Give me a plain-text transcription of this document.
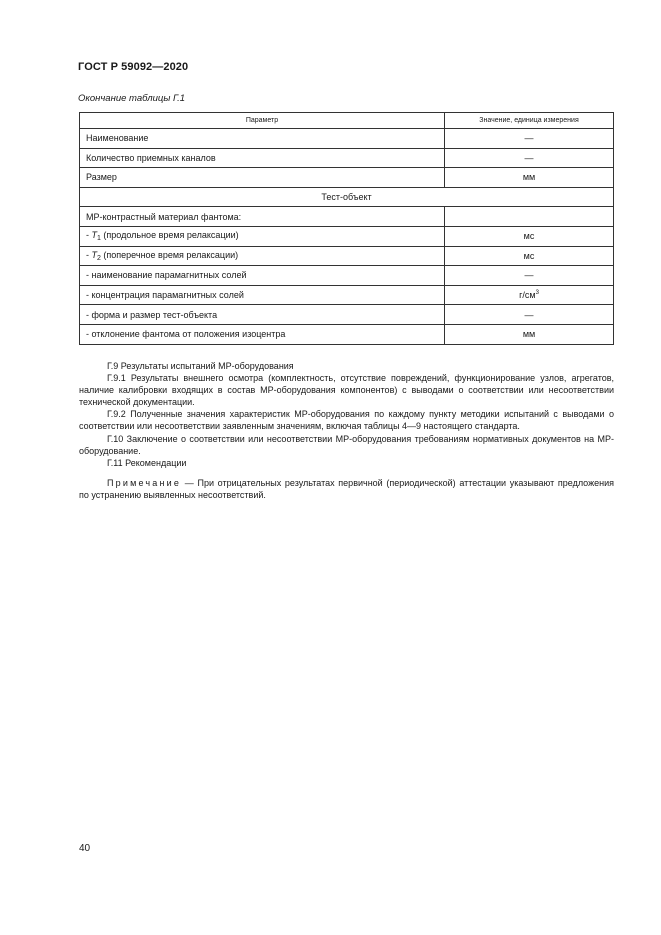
ГОСТ Р 59092—2020
Окончание таблицы Г.1
Параметр	Значение, единица измерения
Наименование	—
Количество приемных каналов	—
Размер	мм
Тест-объект	
МР-контрастный материал фантома:	
- $T_1$ (продольное время релаксации)	мс
- $T_2$ (поперечное время релаксации)	мс
- наименование парамагнитных солей	—
- концентрация парамагнитных солей	$г/см^3$
- форма и размер тест-объекта	—
- отклонение фантома от положения изоцентра	мм

Г.9 Результаты испытаний МР-оборудования

Г.9.1 Результаты внешнего осмотра (комплектность, отсутствие повреждений, функционирование узлов, агрегатов, наличие калибровки входящих в состав МР-оборудования компонентов) с выводами о соответствии или несоответствии технической документации.

Г.9.2 Полученные значения характеристик МР-оборудования по каждому пункту методики испытаний с выводами о соответствии или несоответствии заявленным значениям, включая таблицы 4—9 настоящего стандарта.

Г.10 Заключение о соответствии или несоответствии МР-оборудования требованиям нормативных документов на МР-оборудование.

Г.11 Рекомендации

Примечание — При отрицательных результатах первичной (периодической) аттестации указывают предложения по устранению выявленных несоответствий.

40
